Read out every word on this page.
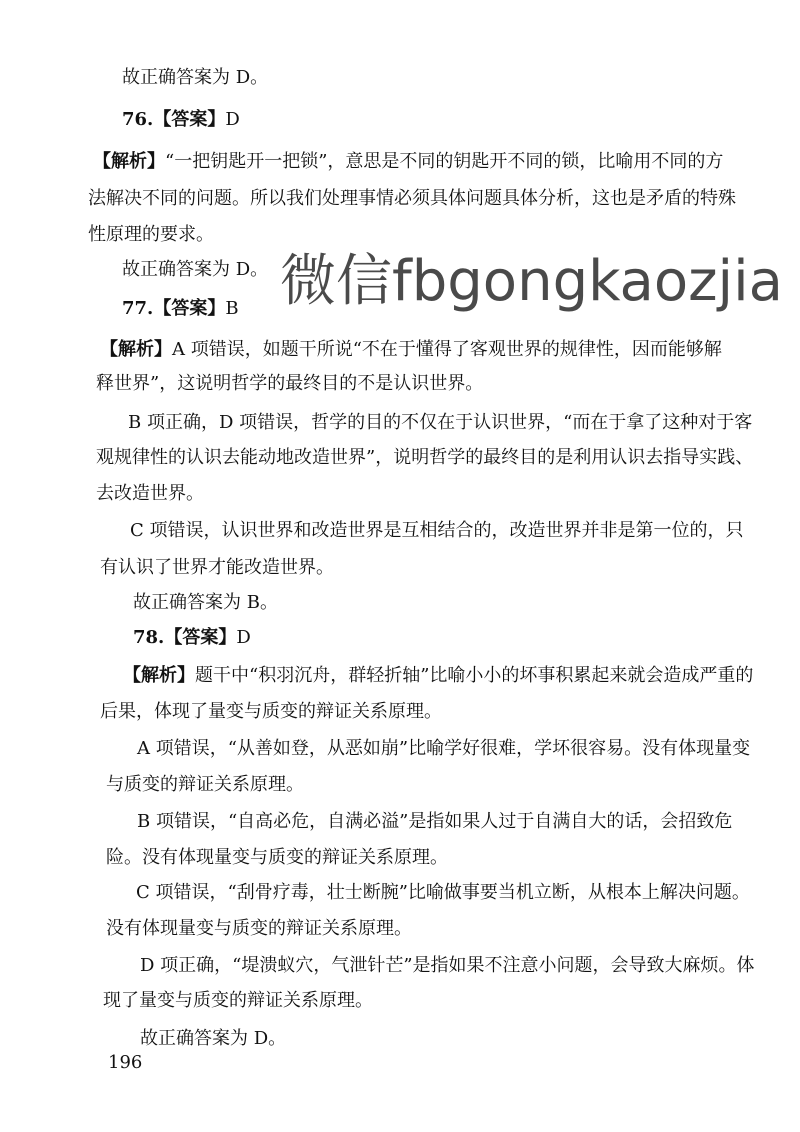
故正确答案为 D。
76.【答案】D
【解析】“一把钥匙开一把锁”，意思是不同的钥匙开不同的锁，比喻用不同的方
法解决不同的问题。所以我们处理事情必须具体问题具体分析，这也是矛盾的特殊
性原理的要求。
故正确答案为 D。
77.【答案】B
【解析】A 项错误，如题干所说“不在于懂得了客观世界的规律性，因而能够解
释世界”，这说明哲学的最终目的不是认识世界。
B 项正确，D 项错误，哲学的目的不仅在于认识世界，“而在于拿了这种对于客
观规律性的认识去能动地改造世界”，说明哲学的最终目的是利用认识去指导实践、
去改造世界。
C 项错误，认识世界和改造世界是互相结合的，改造世界并非是第一位的，只
有认识了世界才能改造世界。
故正确答案为 B。
78.【答案】D
【解析】题干中“积羽沉舟，群轻折轴”比喻小小的坏事积累起来就会造成严重的
后果，体现了量变与质变的辩证关系原理。
A 项错误，“从善如登，从恶如崩”比喻学好很难，学坏很容易。没有体现量变
与质变的辩证关系原理。
B 项错误，“自高必危，自满必溢”是指如果人过于自满自大的话，会招致危
险。没有体现量变与质变的辩证关系原理。
C 项错误，“刮骨疗毒，壮士断腕”比喻做事要当机立断，从根本上解决问题。
没有体现量变与质变的辩证关系原理。
D 项正确，“堤溃蚁穴，气泄针芒”是指如果不注意小问题，会导致大麻烦。体
现了量变与质变的辩证关系原理。
故正确答案为 D。
微信fbgongkaozjia
196
